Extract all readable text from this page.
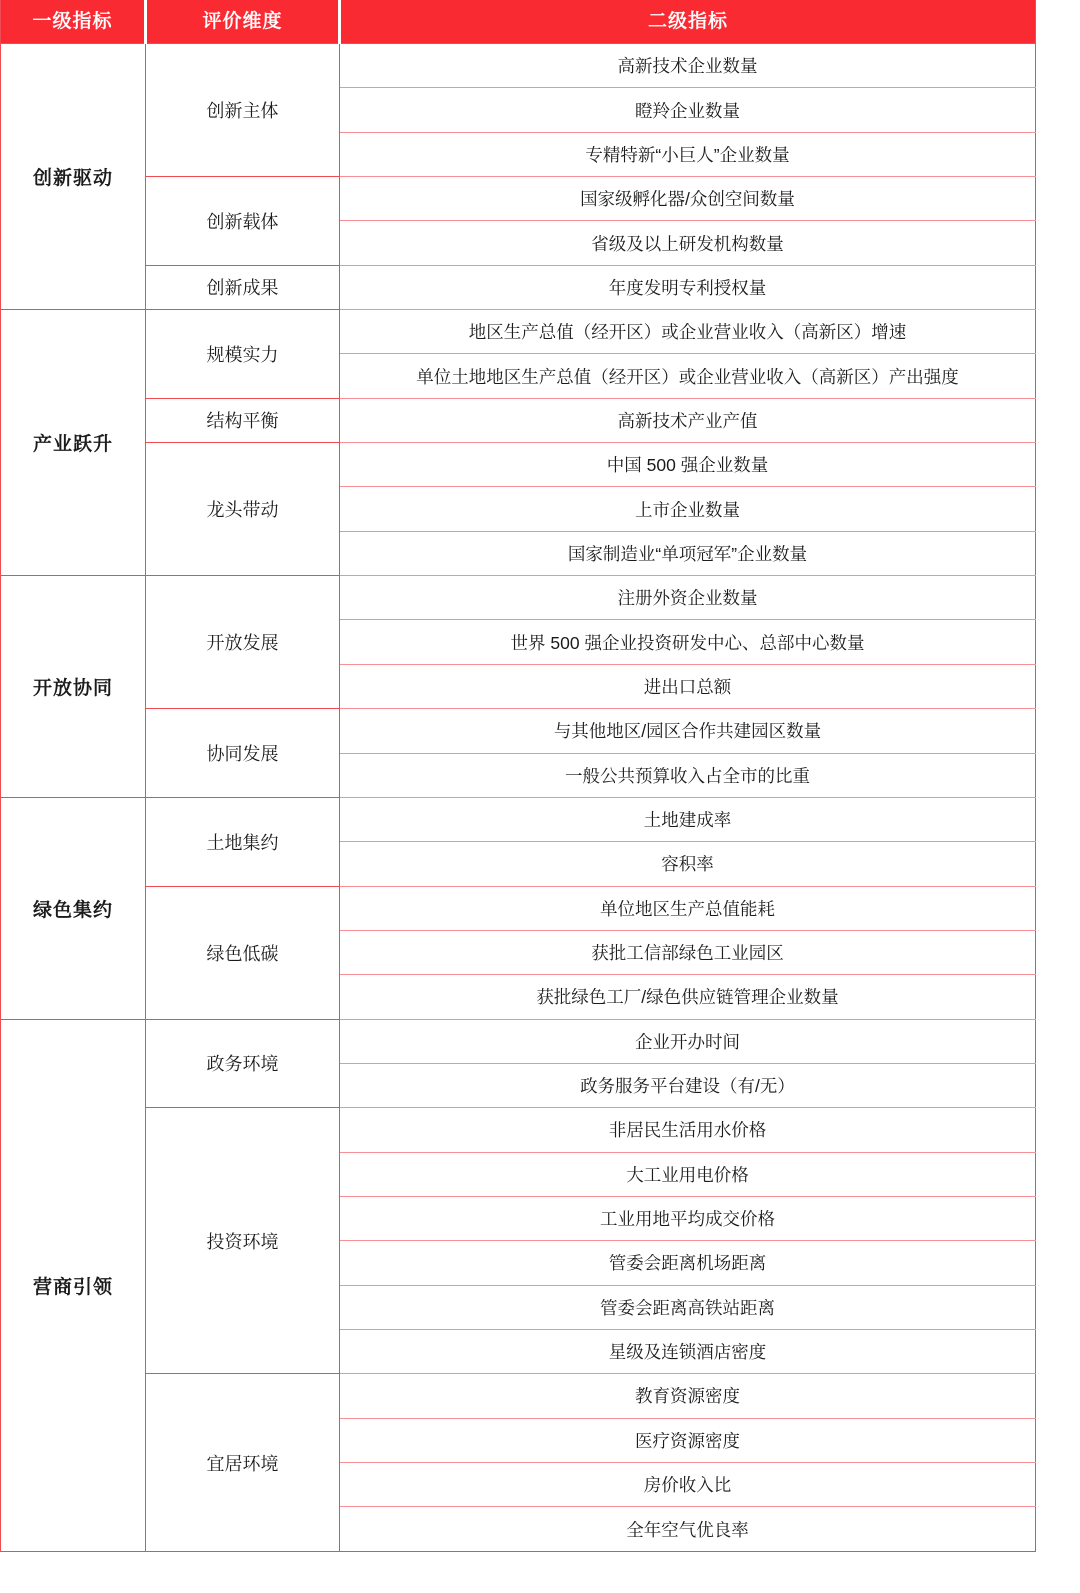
一级指标	评价维度	二级指标
创新驱动	创新主体	高新技术企业数量
		瞪羚企业数量
		专精特新“小巨人”企业数量
	创新载体	国家级孵化器/众创空间数量
		省级及以上研发机构数量
	创新成果	年度发明专利授权量
产业跃升	规模实力	地区生产总值（经开区）或企业营业收入（高新区）增速
		单位土地地区生产总值（经开区）或企业营业收入（高新区）产出强度
	结构平衡	高新技术产业产值
	龙头带动	中国 500 强企业数量
		上市企业数量
		国家制造业“单项冠军”企业数量
开放协同	开放发展	注册外资企业数量
		世界 500 强企业投资研发中心、总部中心数量
		进出口总额
	协同发展	与其他地区/园区合作共建园区数量
		一般公共预算收入占全市的比重
绿色集约	土地集约	土地建成率
		容积率
	绿色低碳	单位地区生产总值能耗
		获批工信部绿色工业园区
		获批绿色工厂/绿色供应链管理企业数量
营商引领	政务环境	企业开办时间
		政务服务平台建设（有/无）
	投资环境	非居民生活用水价格
		大工业用电价格
		工业用地平均成交价格
		管委会距离机场距离
		管委会距离高铁站距离
		星级及连锁酒店密度
	宜居环境	教育资源密度
		医疗资源密度
		房价收入比
		全年空气优良率
